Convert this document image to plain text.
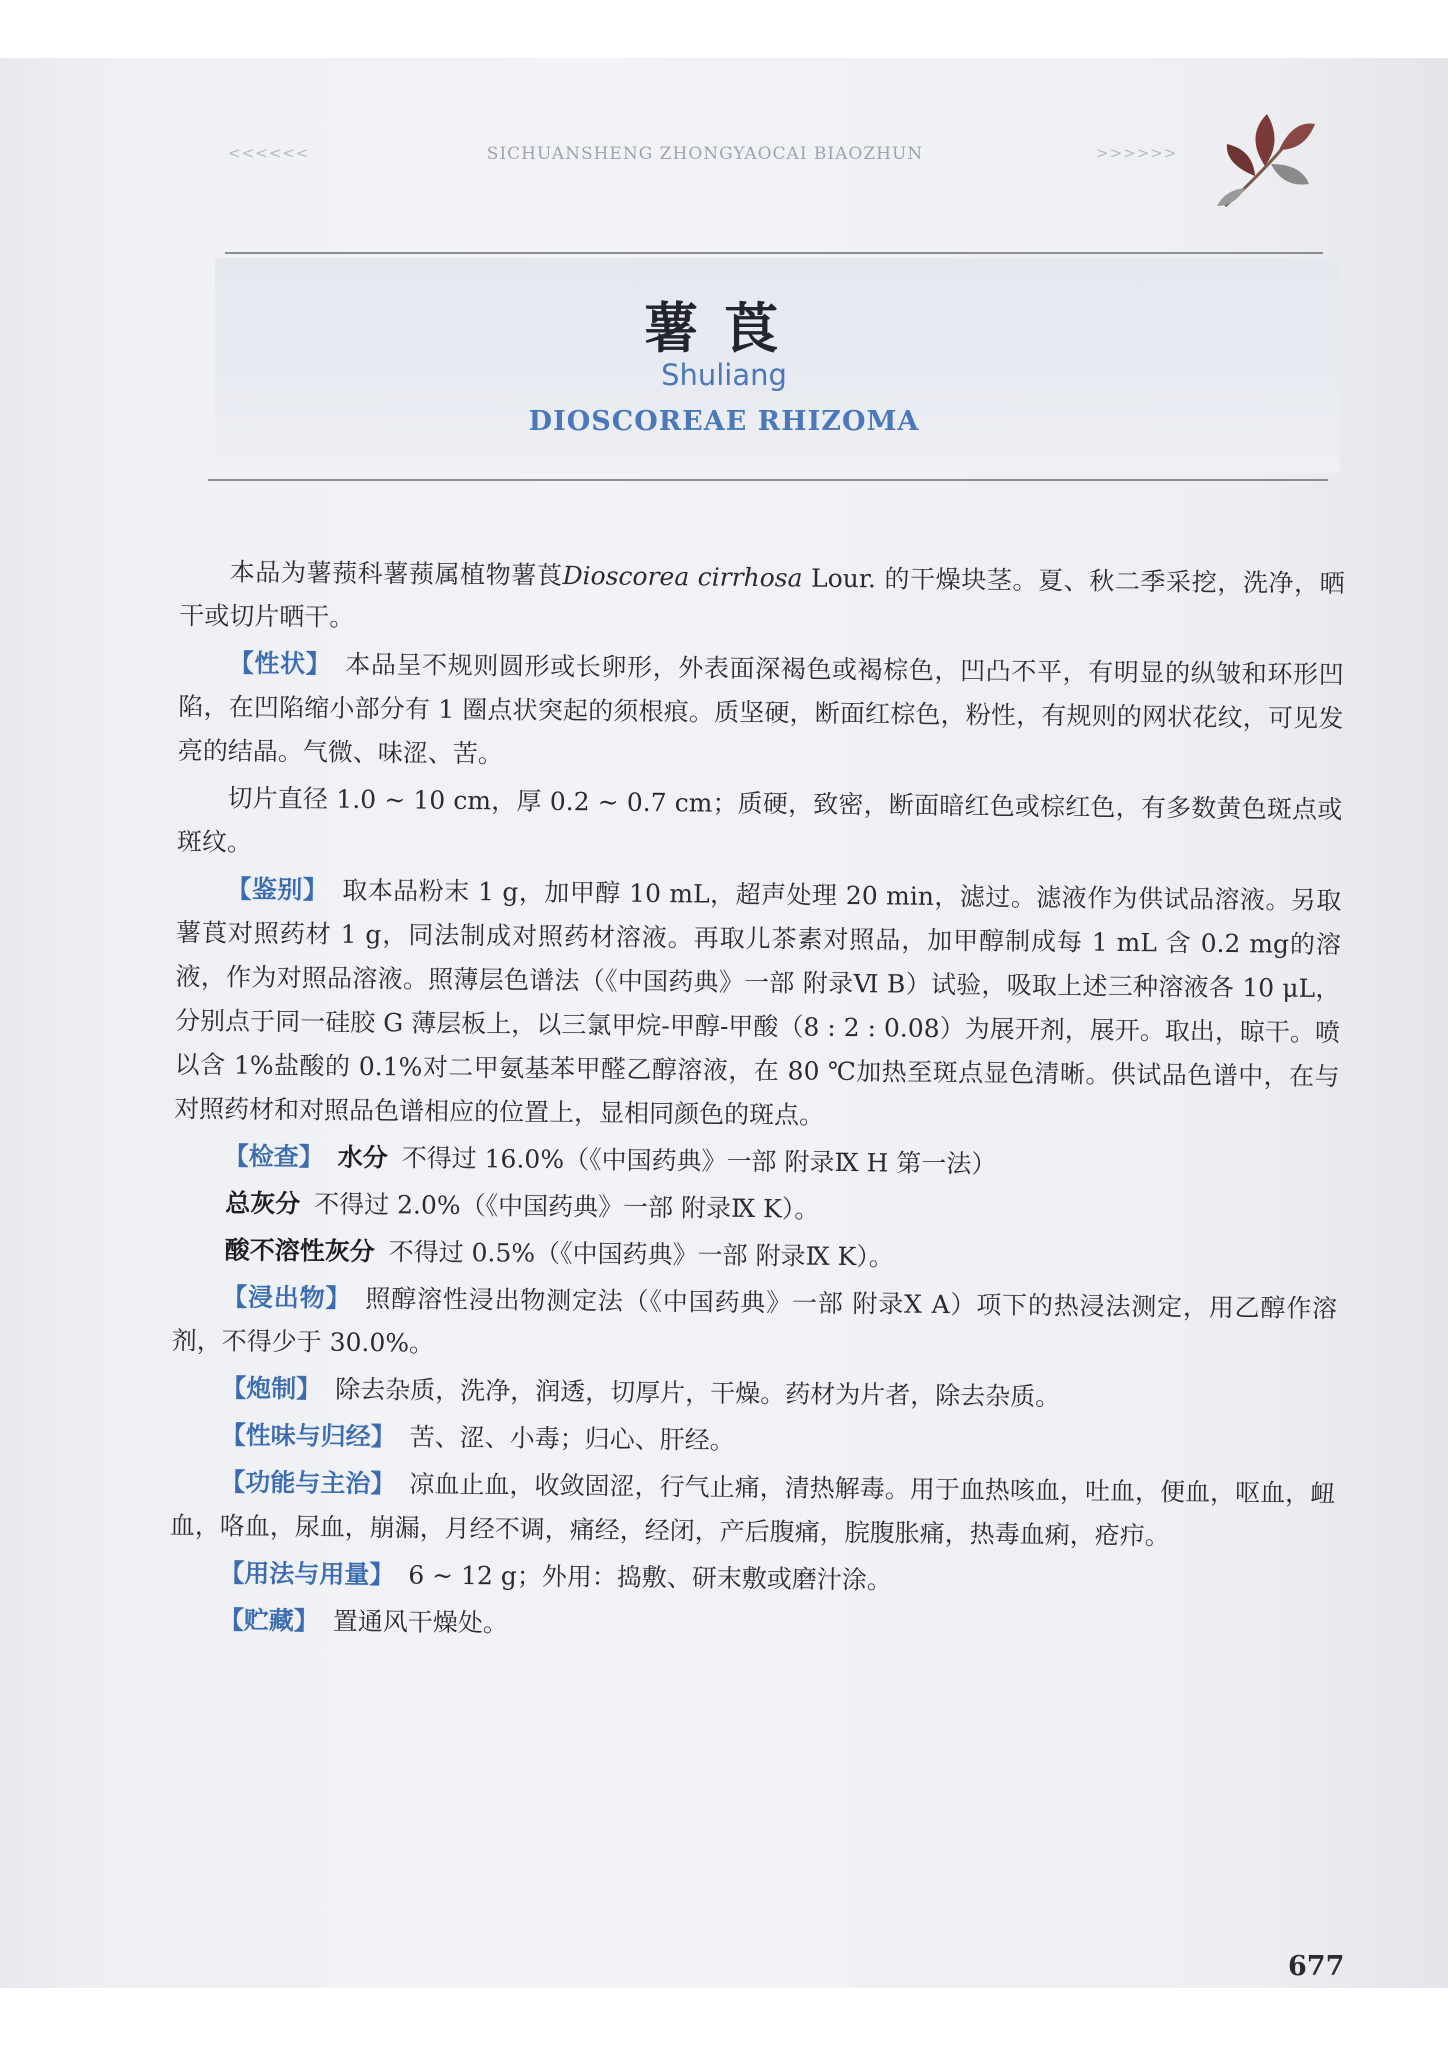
<<<<<<	SICHUANSHENG ZHONGYAOCAI BIAOZHUN	>>>>>>
薯莨
Shuliang
DIOSCOREAE RHIZOMA

本品为薯蓣科薯蓣属植物薯莨Dioscorea cirrhosa Lour. 的干燥块茎。夏、秋二季采挖，洗净，晒干或切片晒干。

【性状】 本品呈不规则圆形或长卵形，外表面深褐色或褐棕色，凹凸不平，有明显的纵皱和环形凹陷，在凹陷缩小部分有 1 圈点状突起的须根痕。质坚硬，断面红棕色，粉性，有规则的网状花纹，可见发亮的结晶。气微、味涩、苦。

切片直径 1.0 ~ 10 cm，厚 0.2 ~ 0.7 cm；质硬，致密，断面暗红色或棕红色，有多数黄色斑点或斑纹。

【鉴别】 取本品粉末 1 g，加甲醇 10 mL，超声处理 20 min，滤过。滤液作为供试品溶液。另取薯莨对照药材 1 g，同法制成对照药材溶液。再取儿茶素对照品，加甲醇制成每 1 mL 含 0.2 mg的溶液，作为对照品溶液。照薄层色谱法（《中国药典》一部 附录Ⅵ B）试验，吸取上述三种溶液各 10 μL，分别点于同一硅胶 G 薄层板上，以三氯甲烷-甲醇-甲酸（8 : 2 : 0.08）为展开剂，展开。取出，晾干。喷以含 1%盐酸的 0.1%对二甲氨基苯甲醛乙醇溶液，在 80 ℃加热至斑点显色清晰。供试品色谱中，在与对照药材和对照品色谱相应的位置上，显相同颜色的斑点。

【检查】 水分 不得过 16.0%（《中国药典》一部 附录Ⅸ H 第一法）

总灰分 不得过 2.0%（《中国药典》一部 附录Ⅸ K）。

酸不溶性灰分 不得过 0.5%（《中国药典》一部 附录Ⅸ K）。

【浸出物】 照醇溶性浸出物测定法（《中国药典》一部 附录Ⅹ A）项下的热浸法测定，用乙醇作溶剂，不得少于 30.0%。

【炮制】 除去杂质，洗净，润透，切厚片，干燥。药材为片者，除去杂质。

【性味与归经】 苦、涩、小毒；归心、肝经。

【功能与主治】 凉血止血，收敛固涩，行气止痛，清热解毒。用于血热咳血，吐血，便血，呕血，衄血，咯血，尿血，崩漏，月经不调，痛经，经闭，产后腹痛，脘腹胀痛，热毒血痢，疮疖。

【用法与用量】 6 ~ 12 g；外用：捣敷、研末敷或磨汁涂。

【贮藏】 置通风干燥处。

677
